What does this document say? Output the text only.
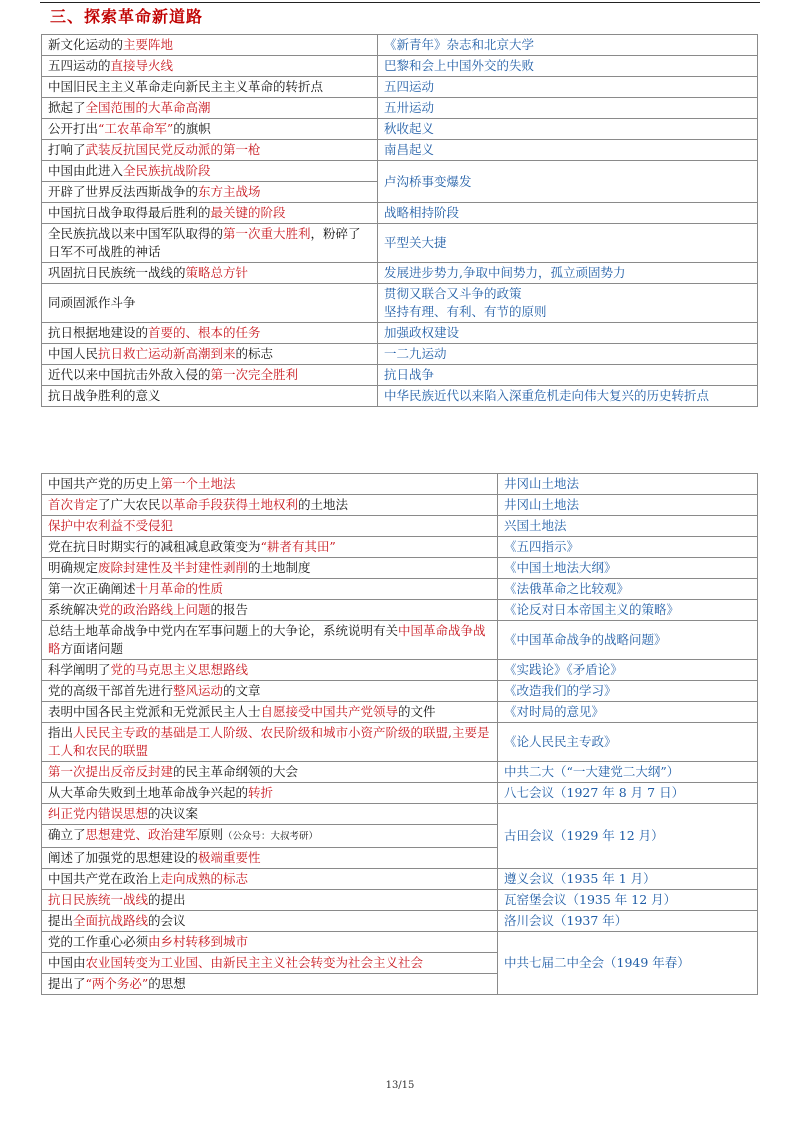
三、探索革命新道路
新文化运动的主要阵地	《新青年》杂志和北京大学
五四运动的直接导火线	巴黎和会上中国外交的失败
中国旧民主主义革命走向新民主主义革命的转折点	五四运动
掀起了全国范围的大革命高潮	五卅运动
公开打出“工农革命军”的旗帜	秋收起义
打响了武装反抗国民党反动派的第一枪	南昌起义
中国由此进入全民族抗战阶段	卢沟桥事变爆发
开辟了世界反法西斯战争的东方主战场	
中国抗日战争取得最后胜利的最关键的阶段	战略相持阶段
全民族抗战以来中国军队取得的第一次重大胜利，粉碎了日军不可战胜的神话	平型关大捷
巩固抗日民族统一战线的策略总方针	发展进步势力,争取中间势力，孤立顽固势力
同顽固派作斗争	贯彻又联合又斗争的政策
坚持有理、有利、有节的原则

抗日根据地建设的首要的、根本的任务	加强政权建设
中国人民抗日救亡运动新高潮到来的标志	一二九运动
近代以来中国抗击外敌入侵的第一次完全胜利	抗日战争
抗日战争胜利的意义	中华民族近代以来陷入深重危机走向伟大复兴的历史转折点
中国共产党的历史上第一个土地法	井冈山土地法
首次肯定了广大农民以革命手段获得土地权利的土地法	井冈山土地法
保护中农利益不受侵犯	兴国土地法
党在抗日时期实行的减租减息政策变为“耕者有其田”	《五四指示》
明确规定废除封建性及半封建性剥削的土地制度	《中国土地法大纲》
第一次正确阐述十月革命的性质	《法俄革命之比较观》
系统解决党的政治路线上问题的报告	《论反对日本帝国主义的策略》
总结土地革命战争中党内在军事问题上的大争论，系统说明有关中国革命战争战略方面诸问题	《中国革命战争的战略问题》
科学阐明了党的马克思主义思想路线	《实践论》《矛盾论》
党的高级干部首先进行整风运动的文章	《改造我们的学习》
表明中国各民主党派和无党派民主人士自愿接受中国共产党领导的文件	《对时局的意见》
指出人民民主专政的基础是工人阶级、农民阶级和城市小资产阶级的联盟,主要是工人和农民的联盟	《论人民民主专政》
第一次提出反帝反封建的民主革命纲领的大会	中共二大（“一大建党二大纲”）
从大革命失败到土地革命战争兴起的转折	八七会议（1927 年 8 月 7 日）
纠正党内错误思想的决议案	古田会议（1929 年 12 月）
确立了思想建党、政治建军原则（公众号：大叔考研）	
阐述了加强党的思想建设的极端重要性	
中国共产党在政治上走向成熟的标志	遵义会议（1935 年 1 月）
抗日民族统一战线的提出	瓦窑堡会议（1935 年 12 月）
提出全面抗战路线的会议	洛川会议（1937 年）
党的工作重心必须由乡村转移到城市	中共七届二中全会（1949 年春）
中国由农业国转变为工业国、由新民主主义社会转变为社会主义社会	
提出了“两个务必”的思想	
13/15
